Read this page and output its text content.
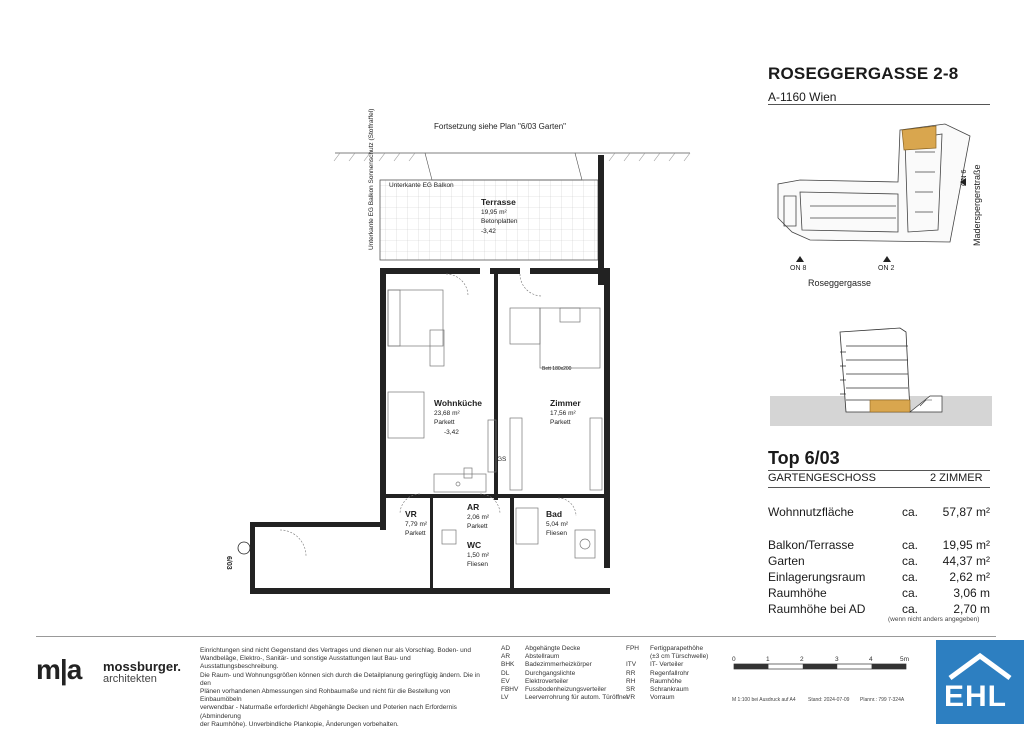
ROSEGGERGASSE 2-8
A-1160 Wien
ON 8	ON 2
ON 6
Roseggergasse
Maderspergerstraße
Top 6/03
GARTENGESCHOSS	2 ZIMMER
Wohnnutzfläche	ca.	57,87 m²
Balkon/Terrasse	ca.	19,95 m²
Garten	ca.	44,37 m²
Einlagerungsraum	ca.	2,62 m²
Raumhöhe	ca.	3,06 m
Raumhöhe bei AD	ca.	2,70 m
(wenn nicht anders angegeben)
Fortsetzung siehe Plan "6/03 Garten"
Unterkante EG Balkon
Unterkante EG Balkon Sonnenschutz (Stoffraffel)	Terrasse
19,95 m²
Betonplatten
-3,42
Wohnküche
23,68 m²
Parkett
-3,42
Zimmer
17,56 m²
Parkett
VR
7,79 m²
Parkett
AR
2,06 m²
Parkett
Bad
5,04 m²
Fliesen
WC
1,50 m²
Fliesen
GS
Bett 180x200
6/03
m|a mossburger.
architekten
Einrichtungen sind nicht Gegenstand des Vertrages und dienen nur als Vorschlag. Boden- und
Wandbeläge, Elektro-, Sanitär- und sonstige Ausstattungen laut Bau- und Ausstattungsbeschreibung.
Die Raum- und Wohnungsgrößen können sich durch die Detailplanung geringfügig ändern. Die in den
Plänen vorhandenen Abmessungen sind Rohbaumaße und nicht für die Bestellung von Einbaumöbeln
verwendbar - Naturmaße erforderlich! Abgehängte Decken und Poterien nach Erfordernis (Abminderung
der Raumhöhe). Unverbindliche Plankopie, Änderungen vorbehalten.
AD Abgehängte Decke
AR Abstellraum
BHK Badezimmerheizkörper
DL Durchgangslichte
EV Elektroverteiler
FBHV Fussbodenheizungsverteiler
LV	Leerverrohrung für autom. Türöffner
FPH Fertigparapethöhe
(±3 cm Türschwelle)
ITV IT- Verteiler
RR Regenfallrohr
RH Raumhöhe
SR Schrankraum
VR Vorraum
0	1	2	3	4	5m
M 1:100 bei Ausdruck auf A4 Stand: 2024-07-09 Plannr.: 799 7-324A EHL
